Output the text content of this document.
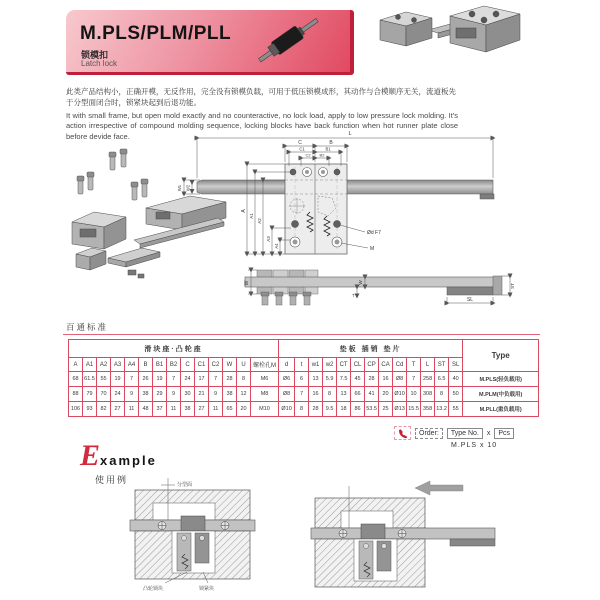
M.PLS/PLM/PLL
锁模扣
Latch lock

此类产品结构小，正确开模，无反作用，完全没有锁模负载，可用于低压锁模成形，其动作与合模顺序无关，流道板先于分型面闭合时，锁紧块起到后退功能。

It with small frame, but open mold exactly and no counteractive, no lock load, apply to low pressure lock molding. It's action irrespective of compound molding sequence, locking blocks have back function when hot runner plate close before devide face.	L
C	B
C1	B1
C2 B2
A
A1
A2
A3
A4
W1 W2
Ød F7
M
W	W
T
SL
ST
百通标准
滑块座·凸轮座														垫板 插销 垫片													Type
A	A1	A2	A3	A4	B	B1	B2	C	C1	C2	W	U	螺栓孔M	d	t	w1	w2	CT	CL	CP	CA	Cd	T	L	ST	SL	
68	61.5	55	19	7	26	19	7	24	17	7	28	8	M6	Ø6	6	13	5.9	7.5	45	28	16	Ø8	7	258	6.5	40	M.PLS(轻负载用)
88	79	70	24	9	38	29	9	30	21	9	38	12	M8	Ø8	7	16	8	13	66	41	20	Ø10	10	308	8	50	M.PLM(中负载用)
106	93	82	27	11	48	37	11	38	27	11	65	20	M10	Ø10	8	28	9.5	18	86	53.5	25	Ø13	15.5	358	13.2	55	M.PLL(重负载用)
Order:	Type No.	x	Pcs
M.PLS x 10
Example
使用例	分型面
凸轮锁块	锁紧块
